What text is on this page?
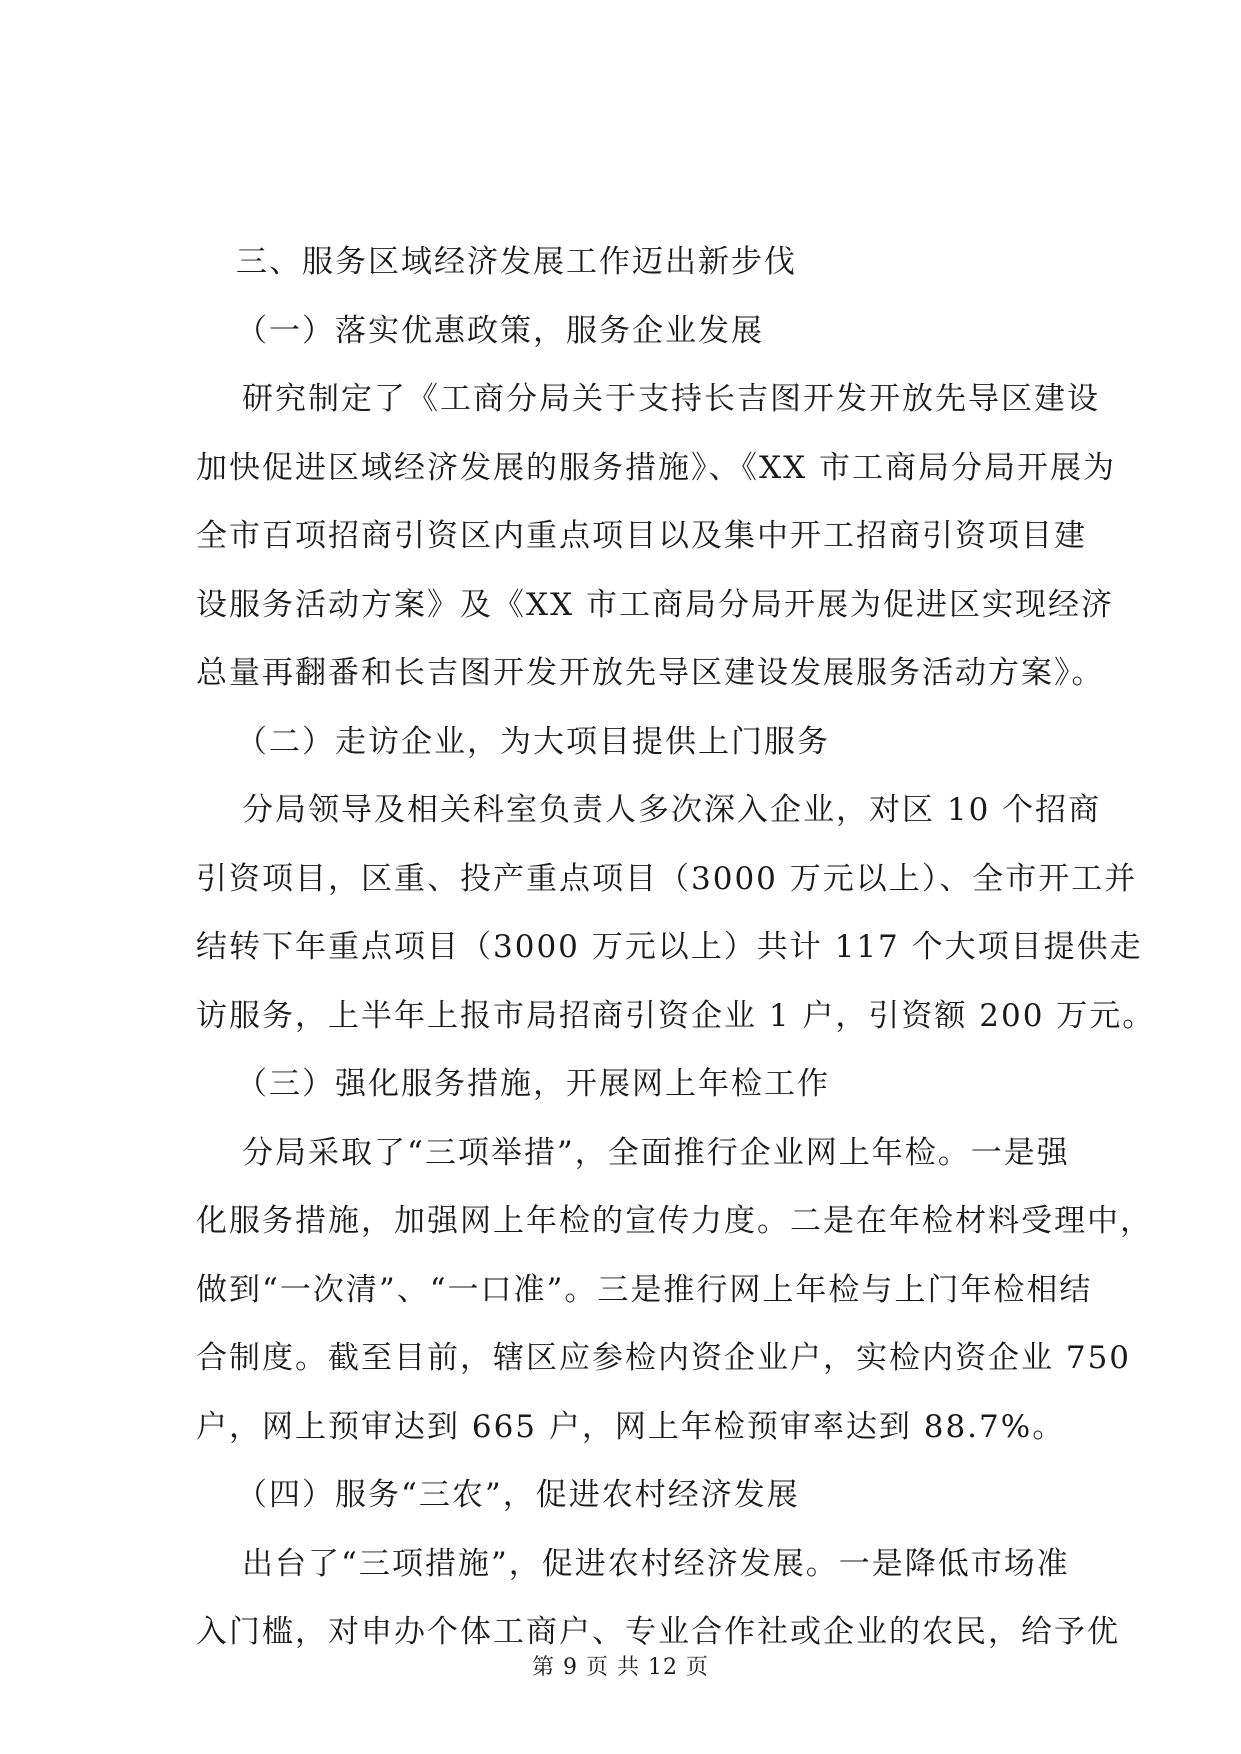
三、服务区域经济发展工作迈出新步伐
（一）落实优惠政策，服务企业发展
研究制定了《工商分局关于支持长吉图开发开放先导区建设
加快促进区域经济发展的服务措施》、《XX 市工商局分局开展为
全市百项招商引资区内重点项目以及集中开工招商引资项目建
设服务活动方案》及《XX 市工商局分局开展为促进区实现经济
总量再翻番和长吉图开发开放先导区建设发展服务活动方案》。
（二）走访企业，为大项目提供上门服务
分局领导及相关科室负责人多次深入企业，对区 10 个招商
引资项目，区重、投产重点项目（3000 万元以上）、全市开工并
结转下年重点项目（3000 万元以上）共计 117 个大项目提供走
访服务，上半年上报市局招商引资企业 1 户，引资额 200 万元。
（三）强化服务措施，开展网上年检工作
分局采取了“三项举措”，全面推行企业网上年检。一是强
化服务措施，加强网上年检的宣传力度。二是在年检材料受理中，
做到“一次清”、“一口准”。三是推行网上年检与上门年检相结
合制度。截至目前，辖区应参检内资企业户，实检内资企业 750
户，网上预审达到 665 户，网上年检预审率达到 88.7%。
（四）服务“三农”，促进农村经济发展
出台了“三项措施”，促进农村经济发展。一是降低市场准
入门槛，对申办个体工商户、专业合作社或企业的农民，给予优
第 9 页 共 12 页
